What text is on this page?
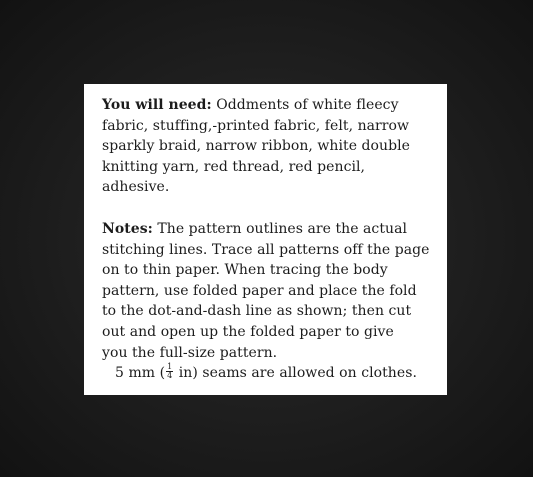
You will need: Oddments of white fleecy
fabric, stuffing,-printed fabric, felt, narrow
sparkly braid, narrow ribbon, white double
knitting yarn, red thread, red pencil,
adhesive.
Notes: The pattern outlines are the actual
stitching lines. Trace all patterns off the page
on to thin paper. When tracing the body
pattern, use folded paper and place the fold
to the dot-and-dash line as shown; then cut
out and open up the folded paper to give
you the full-size pattern.
5 mm ( $\frac{1}{4} in$) seams are allowed on clothes.
